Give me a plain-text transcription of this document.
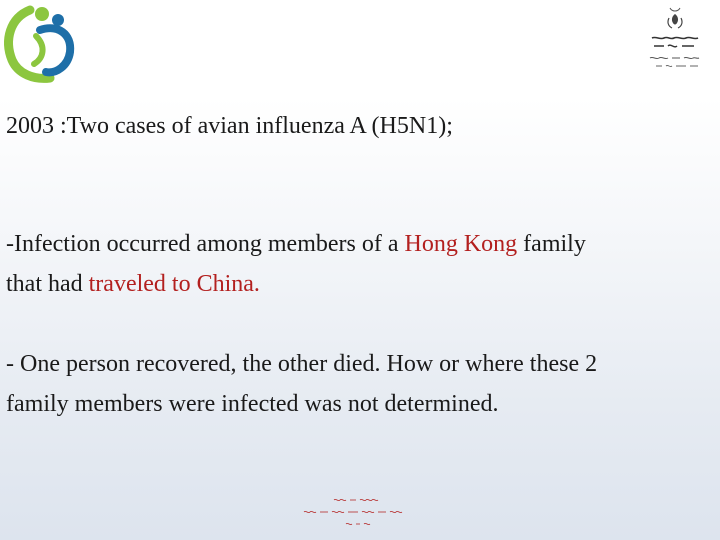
2003 :Two cases of avian influenza A (H5N1);

-Infection occurred among members of a Hong Kong family

that had traveled to China.

- One person recovered, the other died. How or where these 2

family members were infected was not determined.
